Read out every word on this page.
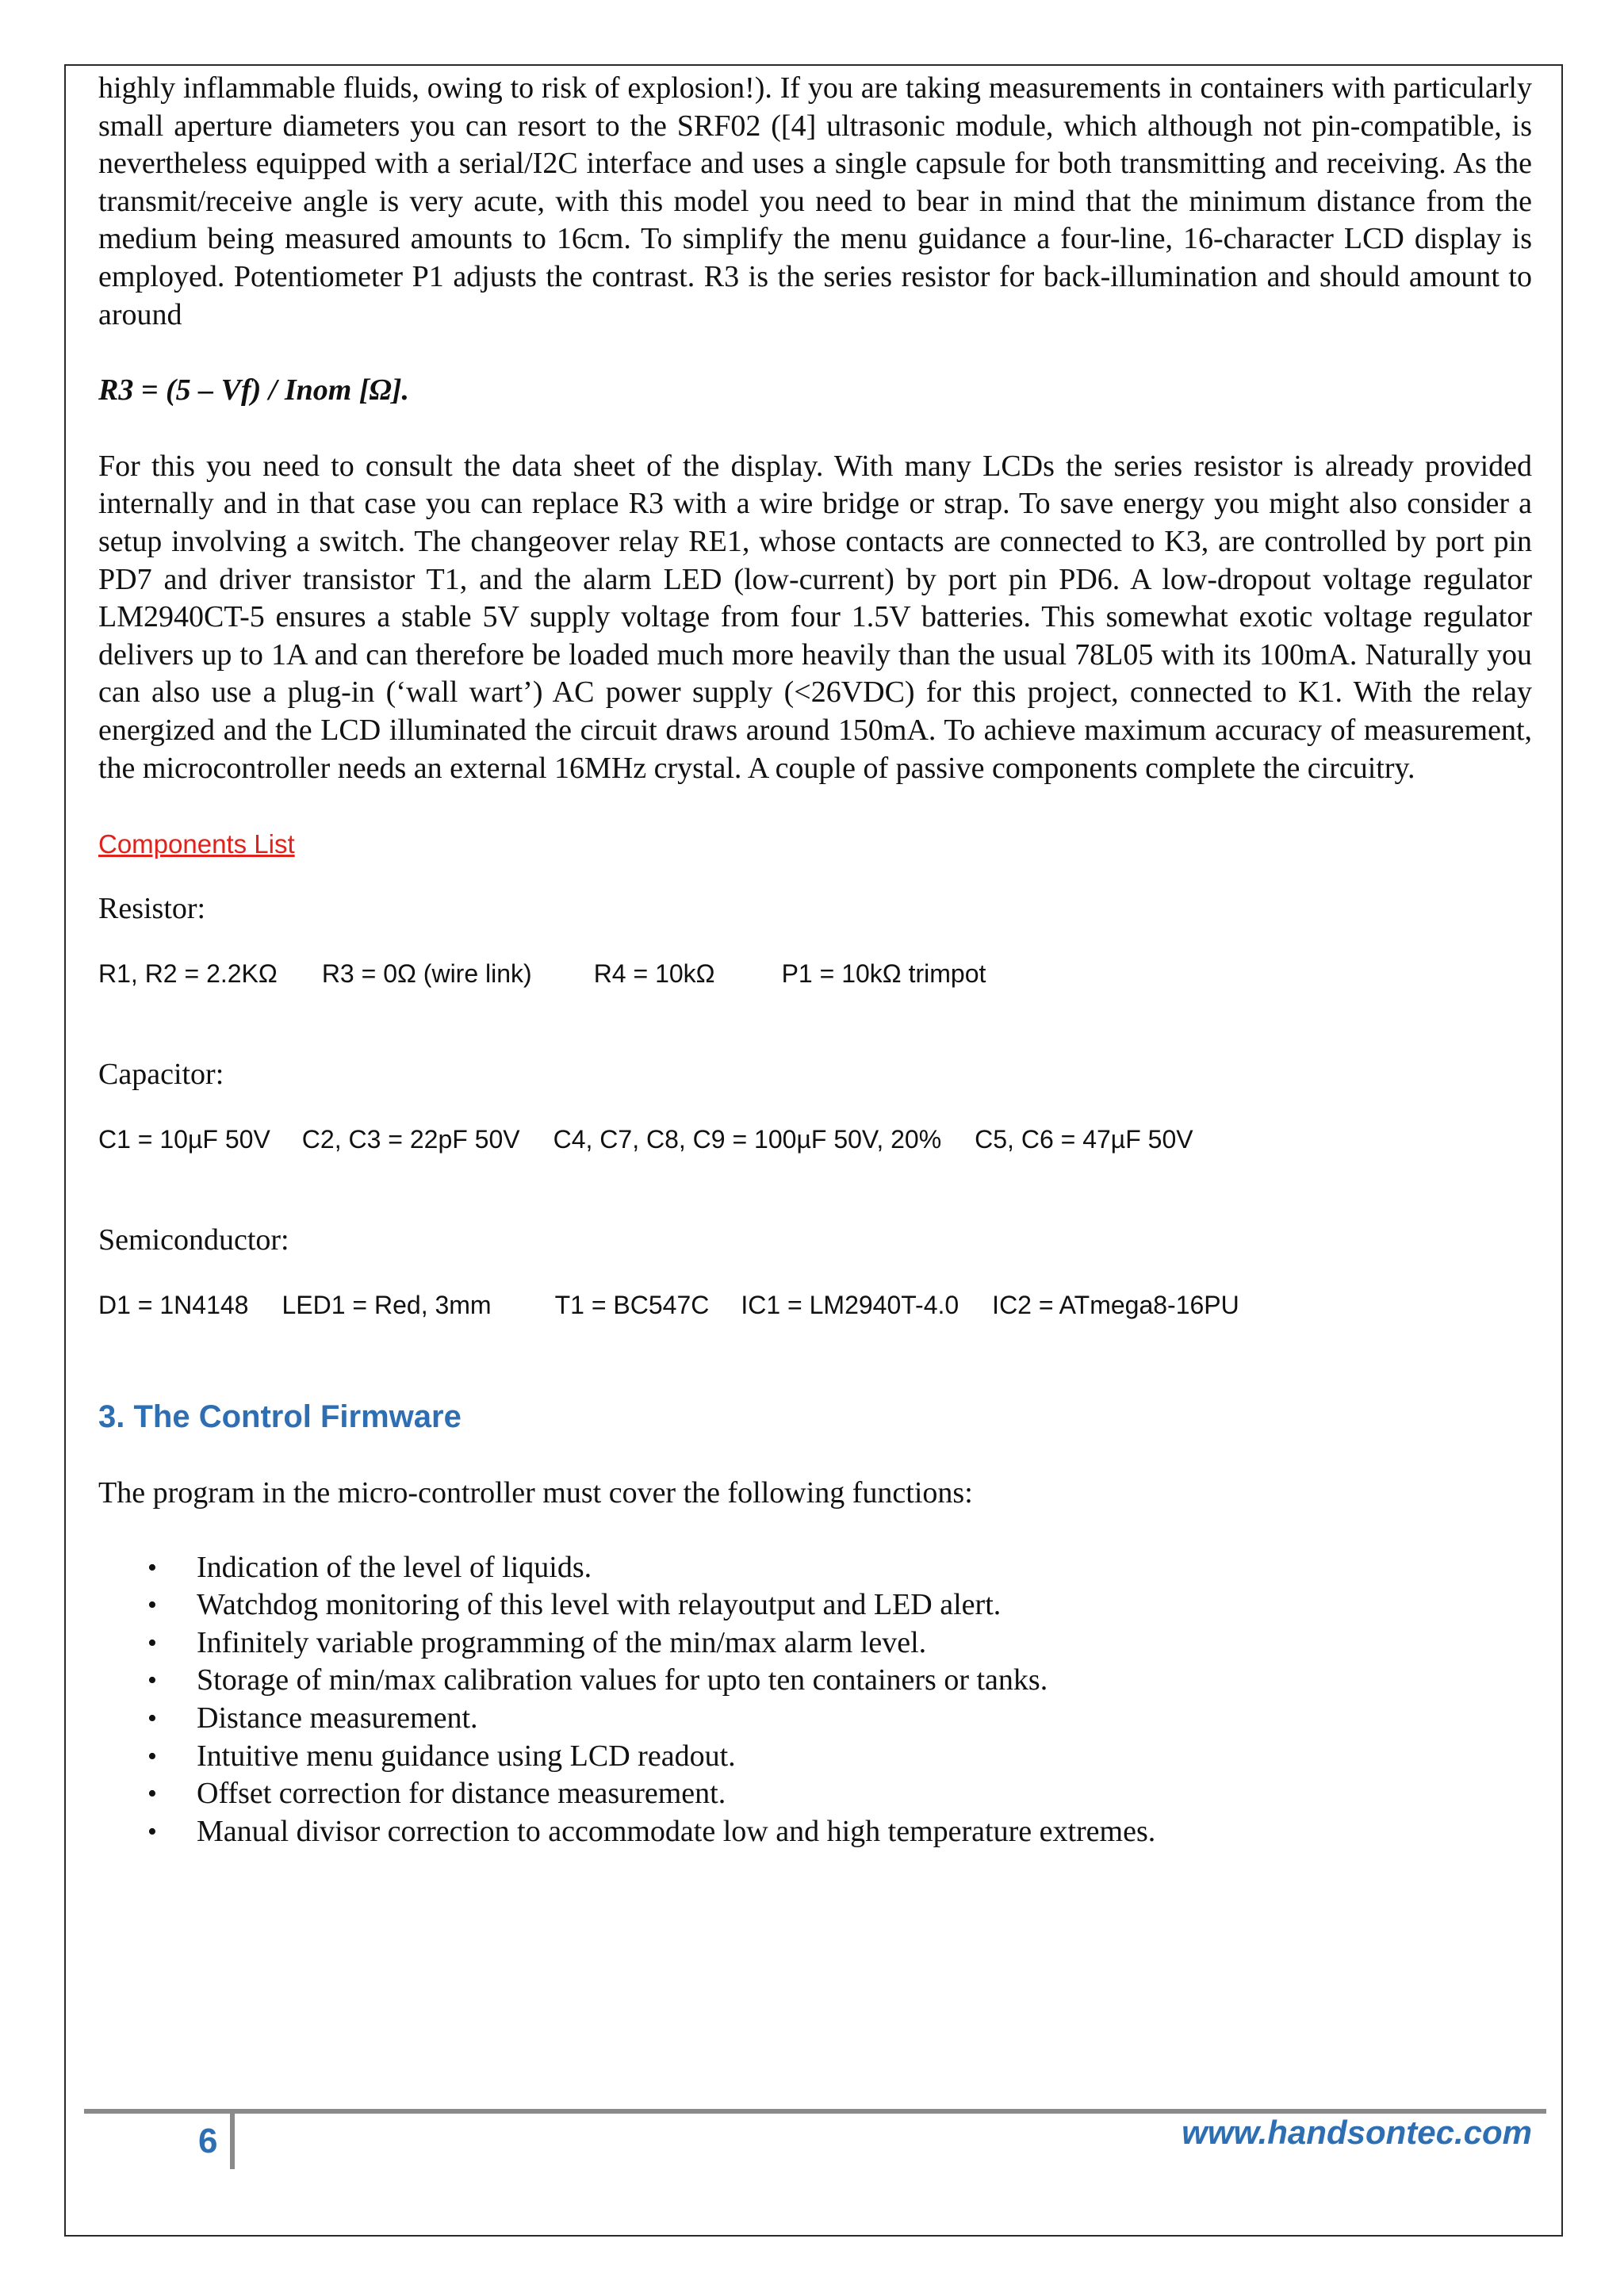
highly inflammable fluids, owing to risk of explosion!). If you are taking measurements in containers with particularly small aperture diameters you can resort to the SRF02 ([4] ultrasonic module, which although not pin-compatible, is nevertheless equipped with a serial/I2C interface and uses a single capsule for both transmitting and receiving. As the transmit/receive angle is very acute, with this model you need to bear in mind that the minimum distance from the medium being measured amounts to 16cm. To simplify the menu guidance a four-line, 16-character LCD display is employed. Potentiometer P1 adjusts the contrast. R3 is the series resistor for back-illumination and should amount to around

R3 = (5 – Vf) / Inom [Ω].

For this you need to consult the data sheet of the display. With many LCDs the series resistor is already provided internally and in that case you can replace R3 with a wire bridge or strap. To save energy you might also consider a setup involving a switch. The changeover relay RE1, whose contacts are connected to K3, are controlled by port pin PD7 and driver transistor T1, and the alarm LED (low-current) by port pin PD6. A low-dropout voltage regulator LM2940CT-5 ensures a stable 5V supply voltage from four 1.5V batteries. This somewhat exotic voltage regulator delivers up to 1A and can therefore be loaded much more heavily than the usual 78L05 with its 100mA. Naturally you can also use a plug-in (‘wall wart’) AC power supply (<26VDC) for this project, connected to K1. With the relay energized and the LCD illuminated the circuit draws around 150mA. To achieve maximum accuracy of measurement, the microcontroller needs an external 16MHz crystal. A couple of passive components complete the circuitry.

Components List

Resistor:

R1, R2 = 2.2KΩ R3 = 0Ω (wire link) R4 = 10kΩ	P1 = 10kΩ trimpot

Capacitor:

C1 = 10µF 50V C2, C3 = 22pF 50V C4, C7, C8, C9 = 100µF 50V, 20% C5, C6 = 47µF 50V

Semiconductor:

D1 = 1N4148 LED1 = Red, 3mm	T1 = BC547C IC1 = LM2940T-4.0 IC2 = ATmega8-16PU
3. The Control Firmware

The program in the micro-controller must cover the following functions:

• Indication of the level of liquids.
• Watchdog monitoring of this level with relayoutput and LED alert.
• Infinitely variable programming of the min/max alarm level.
• Storage of min/max calibration values for upto ten containers or tanks.
• Distance measurement.
• Intuitive menu guidance using LCD readout.
• Offset correction for distance measurement.
• Manual divisor correction to accommodate low and high temperature extremes.
6	www.handsontec.com
